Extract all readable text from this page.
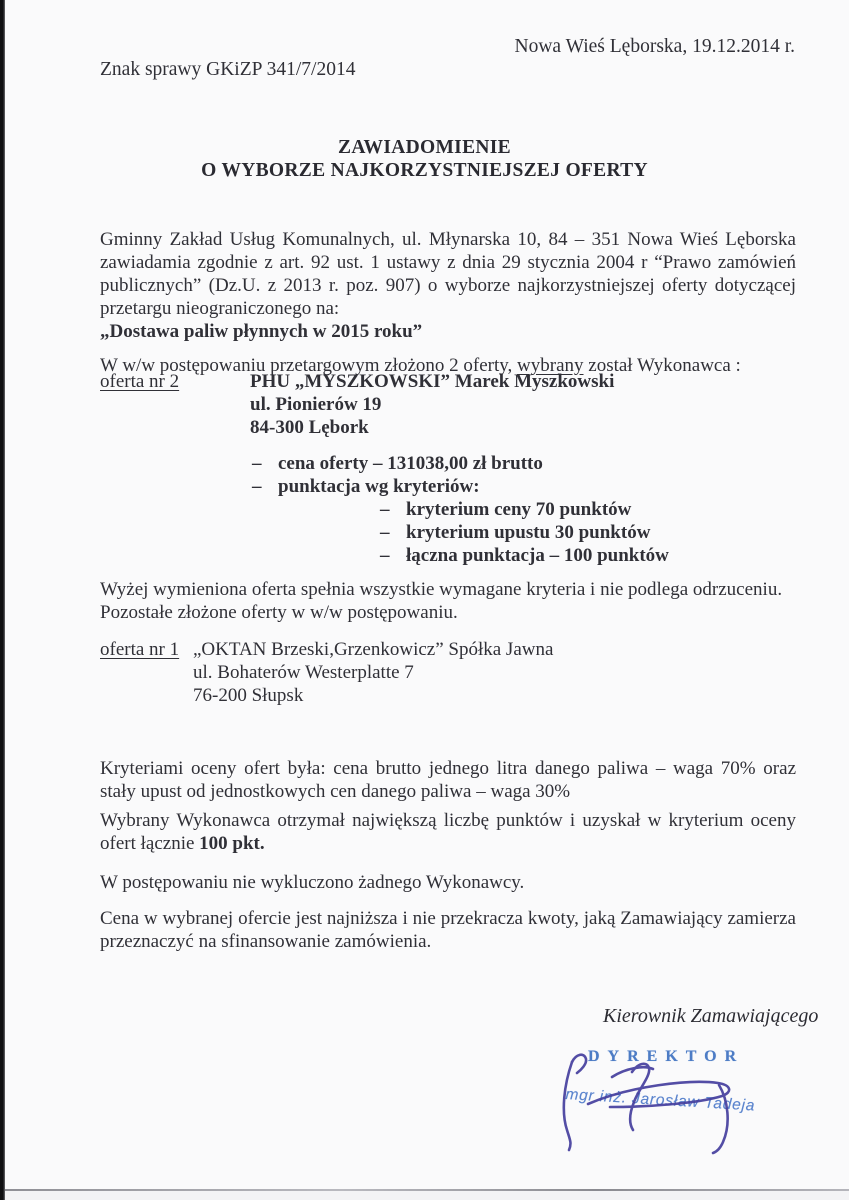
Nowa Wieś Lęborska, 19.12.2014 r.
Znak sprawy GKiZP 341/7/2014
ZAWIADOMIENIE
O WYBORZE NAJKORZYSTNIEJSZEJ OFERTY

Gminny Zakład Usług Komunalnych, ul. Młynarska 10, 84 – 351 Nowa Wieś Lęborska zawiadamia zgodnie z art. 92 ust. 1 ustawy z dnia 29 stycznia 2004 r “Prawo zamówień publicznych” (Dz.U. z 2013 r. poz. 907) o wyborze najkorzystniejszej oferty dotyczącej przetargu nieograniczonego na:
„Dostawa paliw płynnych w 2015 roku”

W w/w postępowaniu przetargowym złożono 2 oferty, wybrany został Wykonawca :

oferta nr 2	PHU „MYSZKOWSKI” Marek Myszkowski
ul. Pionierów 19
84-300 Lębork
– cena oferty – 131038,00 zł brutto
– punktacja wg kryteriów:
– kryterium ceny 70 punktów
– kryterium upustu 30 punktów
– łączna punktacja – 100 punktów
Wyżej wymieniona oferta spełnia wszystkie wymagane kryteria i nie podlega odrzuceniu.
Pozostałe złożone oferty w w/w postępowaniu.
oferta nr 1 „OKTAN Brzeski,Grzenkowicz” Spółka Jawna
ul. Bohaterów Westerplatte 7
76-200 Słupsk

Kryteriami oceny ofert była: cena brutto jednego litra danego paliwa – waga 70% oraz stały upust od jednostkowych cen danego paliwa – waga 30%

Wybrany Wykonawca otrzymał największą liczbę punktów i uzyskał w kryterium oceny ofert łącznie 100 pkt.

W postępowaniu nie wykluczono żadnego Wykonawcy.

Cena w wybranej ofercie jest najniższa i nie przekracza kwoty, jaką Zamawiający zamierza przeznaczyć na sfinansowanie zamówienia.

Kierownik Zamawiającego
DYREKTOR
mgr inż. Jarosław Tadeja
